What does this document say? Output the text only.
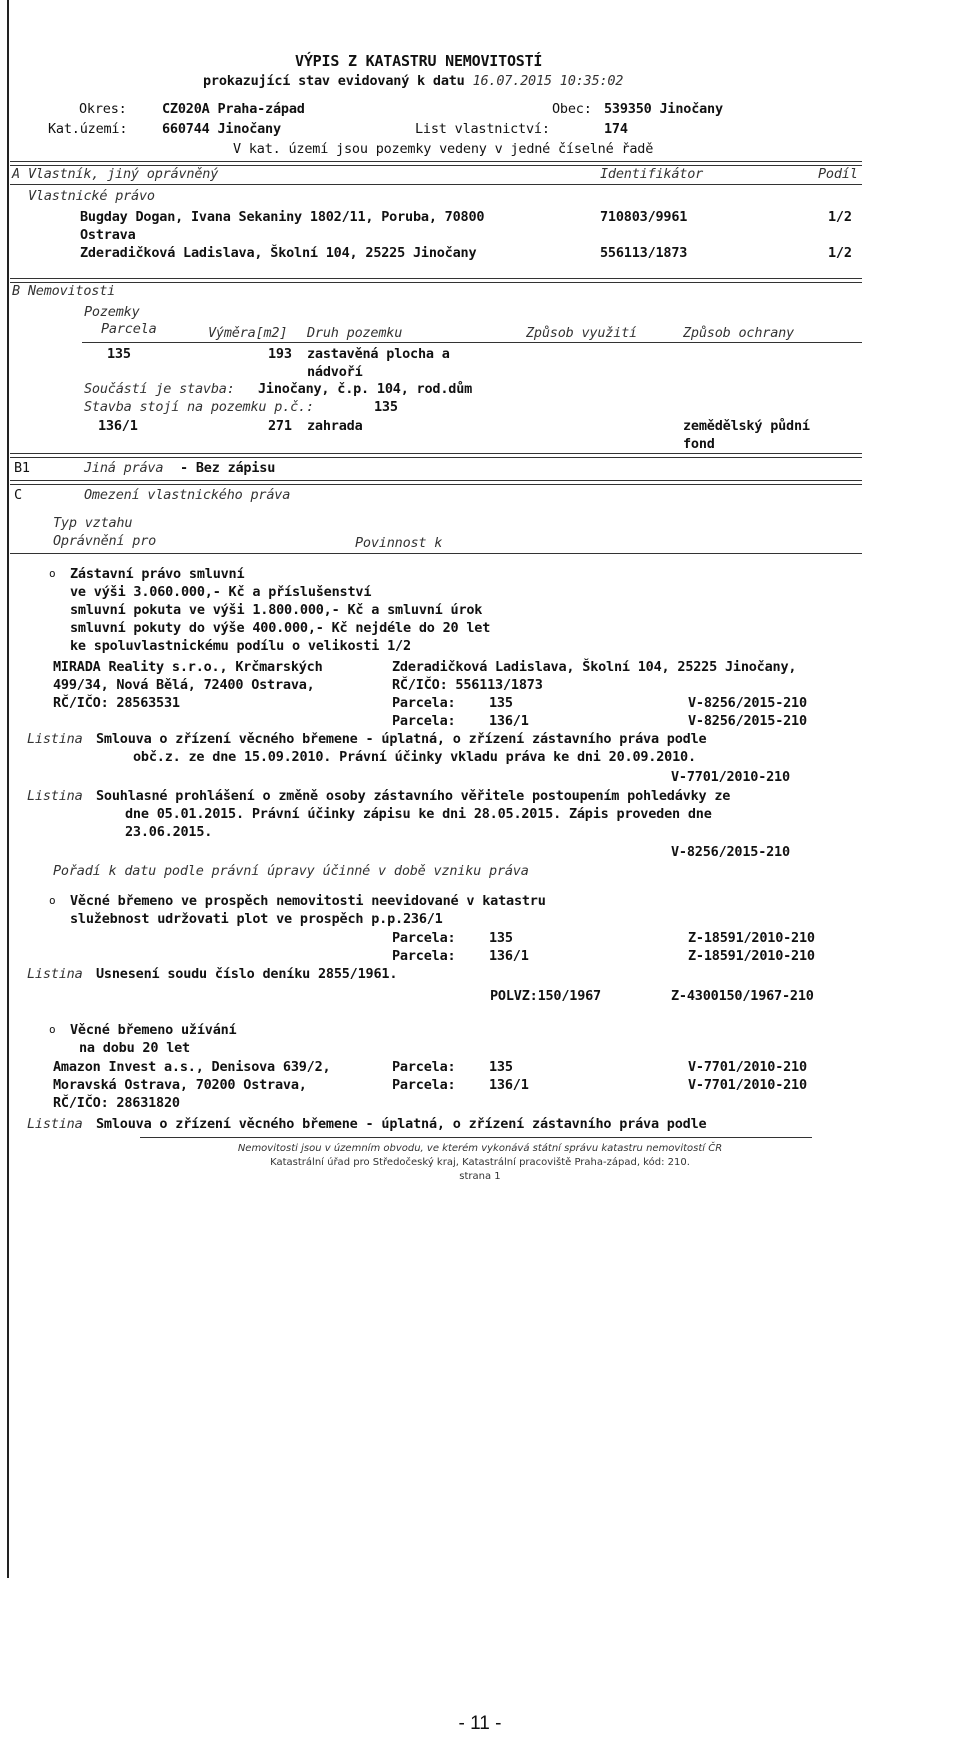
VÝPIS Z KATASTRU NEMOVITOSTÍ
prokazující stav evidovaný k datu 16.07.2015 10:35:02
Okres:	CZ020A Praha-západ	Obec: 539350 Jinočany
Kat.území:	660744 Jinočany	List vlastnictví:	174
V kat. území jsou pozemky vedeny v jedné číselné řadě
A Vlastník, jiný oprávněný	Identifikátor	Podíl
Vlastnické právo
Bugday Dogan, Ivana Sekaniny 1802/11, Poruba, 70800
Ostrava
710803/9961	1/2
Zderadičková Ladislava, Školní 104, 25225 Jinočany	556113/1873	1/2
B Nemovitosti
Pozemky
Parcela	Výměra[m2] Druh pozemku	Způsob využití	Způsob ochrany
135	193 zastavěná plocha a
nádvoří
Součástí je stavba: Jinočany, č.p. 104, rod.dům
Stavba stojí na pozemku p.č.:	135
136/1	271 zahrada	zemědělský půdní
fond
B1	Jiná práva - Bez zápisu
C	Omezení vlastnického práva
Typ vztahu
Oprávnění pro	Povinnost k
o Zástavní právo smluvní
ve výši 3.060.000,- Kč a příslušenství
smluvní pokuta ve výši 1.800.000,- Kč a smluvní úrok
smluvní pokuty do výše 400.000,- Kč nejdéle do 20 let
ke spoluvlastnickému podílu o velikosti 1/2
MIRADA Reality s.r.o., Krčmarských
499/34, Nová Bělá, 72400 Ostrava,
RČ/IČO: 28563531
Zderadičková Ladislava, Školní 104, 25225 Jinočany,
RČ/IČO: 556113/1873
Parcela: 135	V-8256/2015-210
Parcela: 136/1	V-8256/2015-210
Listina Smlouva o zřízení věcného břemene - úplatná, o zřízení zástavního práva podle
obč.z. ze dne 15.09.2010. Právní účinky vkladu práva ke dni 20.09.2010.
V-7701/2010-210
Listina Souhlasné prohlášení o změně osoby zástavního věřitele postoupením pohledávky ze
dne 05.01.2015. Právní účinky zápisu ke dni 28.05.2015. Zápis proveden dne
23.06.2015.
V-8256/2015-210
Pořadí k datu podle právní úpravy účinné v době vzniku práva
o Věcné břemeno ve prospěch nemovitosti neevidované v katastru
služebnost udržovati plot ve prospěch p.p.236/1
Parcela: 135	Z-18591/2010-210
Parcela: 136/1	Z-18591/2010-210
Listina Usnesení soudu číslo deníku 2855/1961.
POLVZ:150/1967	Z-4300150/1967-210
o Věcné břemeno užívání
na dobu 20 let
Amazon Invest a.s., Denisova 639/2,
Moravská Ostrava, 70200 Ostrava,
RČ/IČO: 28631820
Parcela: 135	V-7701/2010-210
Parcela: 136/1	V-7701/2010-210
Listina Smlouva o zřízení věcného břemene - úplatná, o zřízení zástavního práva podle
Nemovitosti jsou v územním obvodu, ve kterém vykonává státní správu katastru nemovitostí ČR
Katastrální úřad pro Středočeský kraj, Katastrální pracoviště Praha-západ, kód: 210.
strana 1
- 11 -
